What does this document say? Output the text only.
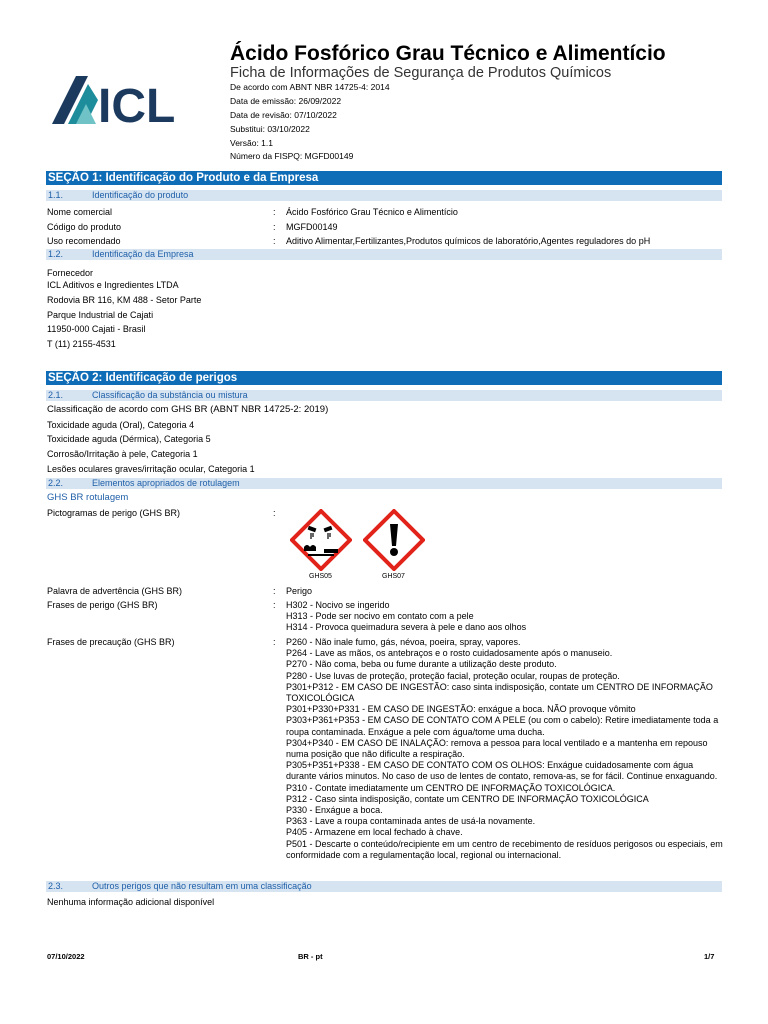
ICL
Ácido Fosfórico Grau Técnico e Alimentício
Ficha de Informações de Segurança de Produtos Químicos
De acordo com ABNT NBR 14725-4: 2014
Data de emissão: 26/09/2022
Data de revisão: 07/10/2022
Substitui: 03/10/2022
Versão: 1.1
Número da FISPQ: MGFD00149
SEÇÃO 1: Identificação do Produto e da Empresa
1.1.	Identificação do produto
Nome comercial	: Ácido Fosfórico Grau Técnico e Alimentício
Código do produto	: MGFD00149
Uso recomendado	: Aditivo Alimentar,Fertilizantes,Produtos químicos de laboratório,Agentes reguladores do pH
1.2.	Identificação da Empresa
Fornecedor
ICL Aditivos e Ingredientes LTDA
Rodovia BR 116, KM 488 - Setor Parte
Parque Industrial de Cajati
11950-000 Cajati - Brasil
T (11) 2155-4531
SEÇÃO 2: Identificação de perigos
2.1.	Classificação da substância ou mistura
Classificação de acordo com GHS BR (ABNT NBR 14725-2: 2019)
Toxicidade aguda (Oral), Categoria 4
Toxicidade aguda (Dérmica), Categoria 5
Corrosão/Irritação à pele, Categoria 1
Lesões oculares graves/irritação ocular, Categoria 1
2.2.	Elementos apropriados de rotulagem
GHS BR rotulagem
Pictogramas de perigo (GHS BR)	:
GHS05	GHS07
Palavra de advertência (GHS BR)	: Perigo
Frases de perigo (GHS BR)	: H302 - Nocivo se ingerido
H313 - Pode ser nocivo em contato com a pele
H314 - Provoca queimadura severa à pele e dano aos olhos
Frases de precaução (GHS BR)	: P260 - Não inale fumo, gás, névoa, poeira, spray, vapores.
P264 - Lave as mãos, os antebraços e o rosto cuidadosamente após o manuseio.
P270 - Não coma, beba ou fume durante a utilização deste produto.
P280 - Use luvas de proteção, proteção facial, proteção ocular, roupas de proteção.
P301+P312 - EM CASO DE INGESTÃO: caso sinta indisposição, contate um CENTRO DE INFORMAÇÃO TOXICOLÓGICA
P301+P330+P331 - EM CASO DE INGESTÃO: enxágue a boca. NÃO provoque vômito
P303+P361+P353 - EM CASO DE CONTATO COM A PELE (ou com o cabelo): Retire imediatamente toda a roupa contaminada. Enxágue a pele com água/tome uma ducha.
P304+P340 - EM CASO DE INALAÇÃO: remova a pessoa para local ventilado e a mantenha em repouso numa posição que não dificulte a respiração.
P305+P351+P338 - EM CASO DE CONTATO COM OS OLHOS: Enxágue cuidadosamente com água durante vários minutos. No caso de uso de lentes de contato, remova-as, se for fácil. Continue enxaguando.
P310 - Contate imediatamente um CENTRO DE INFORMAÇÃO TOXICOLÓGICA.
P312 - Caso sinta indisposição, contate um CENTRO DE INFORMAÇÃO TOXICOLÓGICA
P330 - Enxágue a boca.
P363 - Lave a roupa contaminada antes de usá-la novamente.
P405 - Armazene em local fechado à chave.
P501 - Descarte o conteúdo/recipiente em um centro de recebimento de resíduos perigosos ou especiais, em conformidade com a regulamentação local, regional ou internacional.
2.3.	Outros perigos que não resultam em uma classificação
Nenhuma informação adicional disponível
07/10/2022	BR - pt	1/7
